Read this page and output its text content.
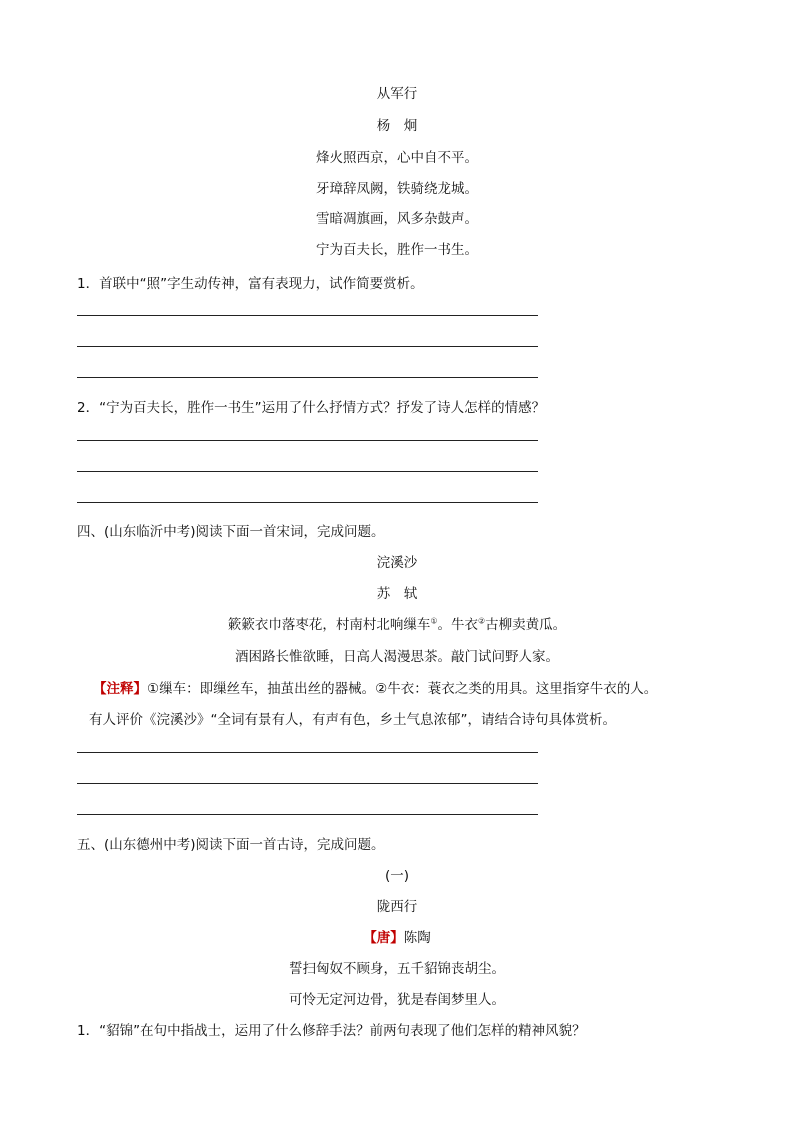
从军行
杨　炯
烽火照西京，心中自不平。
牙璋辞凤阙，铁骑绕龙城。
雪暗凋旗画，风多杂鼓声。
宁为百夫长，胜作一书生。
1．首联中“照”字生动传神，富有表现力，试作简要赏析。
2．“宁为百夫长，胜作一书生”运用了什么抒情方式？抒发了诗人怎样的情感？
四、(山东临沂中考)阅读下面一首宋词，完成问题。
浣溪沙
苏　轼
簌簌衣巾落枣花，村南村北响缫车①。牛衣②古柳卖黄瓜。
酒困路长惟欲睡，日高人渴漫思茶。敲门试问野人家。
【注释】①缫车：即缫丝车，抽茧出丝的器械。②牛衣：蓑衣之类的用具。这里指穿牛衣的人。
有人评价《浣溪沙》“全词有景有人，有声有色，乡土气息浓郁”，请结合诗句具体赏析。
五、(山东德州中考)阅读下面一首古诗，完成问题。
(一)
陇西行
【唐】陈陶
誓扫匈奴不顾身，五千貂锦丧胡尘。
可怜无定河边骨，犹是春闺梦里人。
1．“貂锦”在句中指战士，运用了什么修辞手法？前两句表现了他们怎样的精神风貌？
